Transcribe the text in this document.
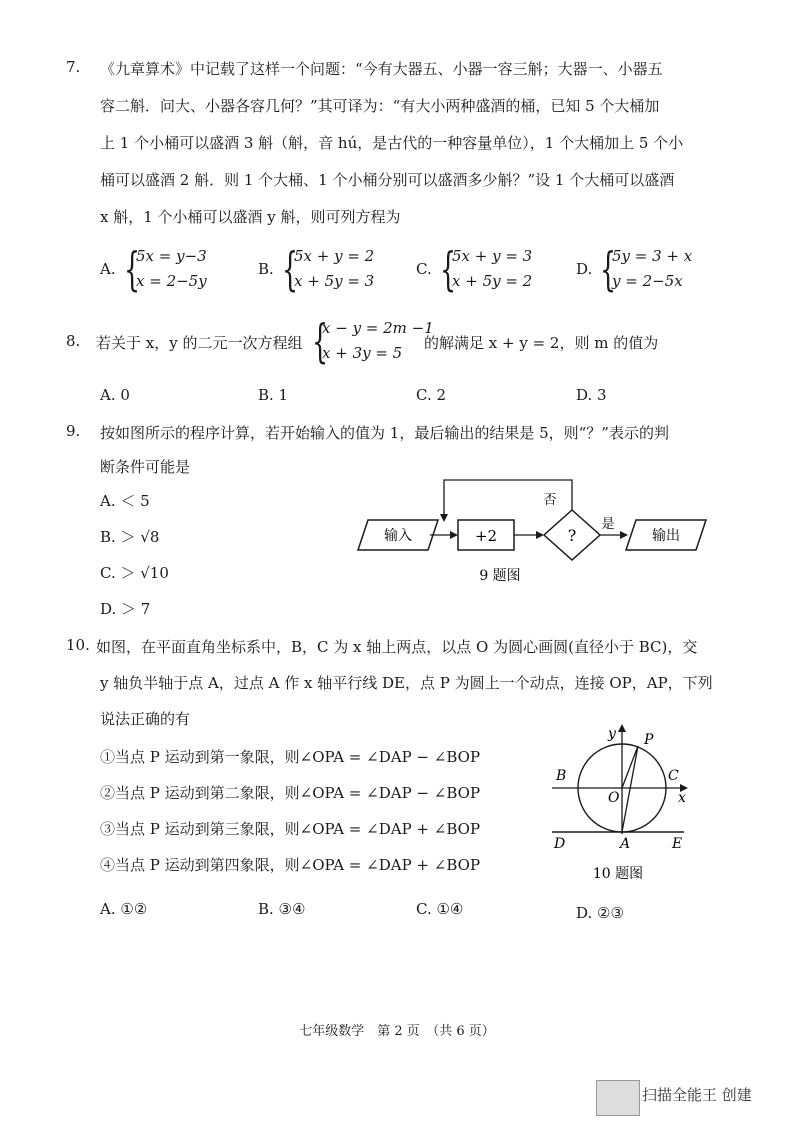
7. 《九章算术》中记载了这样一个问题：“今有大器五、小器一容三斛；大器一、小器五
容二斛．问大、小器各容几何？”其可译为：“有大小两种盛酒的桶，已知 5 个大桶加
上 1 个小桶可以盛酒 3 斛（斛，音 hú，是古代的一种容量单位），1 个大桶加上 5 个小
桶可以盛酒 2 斛．则 1 个大桶、1 个小桶分别可以盛酒多少斛？”设 1 个大桶可以盛酒
x 斛，1 个小桶可以盛酒 y 斛，则可列方程为
A. {
5x = y−3
x = 2−5y
B. {
5x + y = 2
x + 5y = 3
C. {
5x + y = 3
x + 5y = 2
D. {
5y = 3 + x
y = 2−5x
8. 若关于 x，y 的二元一次方程组 {
x − y = 2m −1
x + 3y = 5
的解满足 x + y = 2，则 m 的值为
A. 0	B. 1	C. 2	D. 3
9. 按如图所示的程序计算，若开始输入的值为 1，最后输出的结果是 5，则“？”表示的判
断条件可能是
A. ＜ 5
B. ＞ √8
C. ＞ √10
D. ＞ 7
输入	+2	?
否
是
输出
9 题图
10. 如图，在平面直角坐标系中，B，C 为 x 轴上两点，以点 O 为圆心画圆(直径小于 BC)，交
y 轴负半轴于点 A，过点 A 作 x 轴平行线 DE，点 P 为圆上一个动点，连接 OP，AP，下列
说法正确的有
①当点 P 运动到第一象限，则∠OPA = ∠DAP − ∠BOP
②当点 P 运动到第二象限，则∠OPA = ∠DAP − ∠BOP
③当点 P 运动到第三象限，则∠OPA = ∠DAP + ∠BOP
④当点 P 运动到第四象限，则∠OPA = ∠DAP + ∠BOP
A. ①②	B. ③④	C. ①④	D. ②③
y P
B	C
O	x
D	A	E
10 题图
七年级数学　第 2 页　（共 6 页）
扫描全能王 创建
